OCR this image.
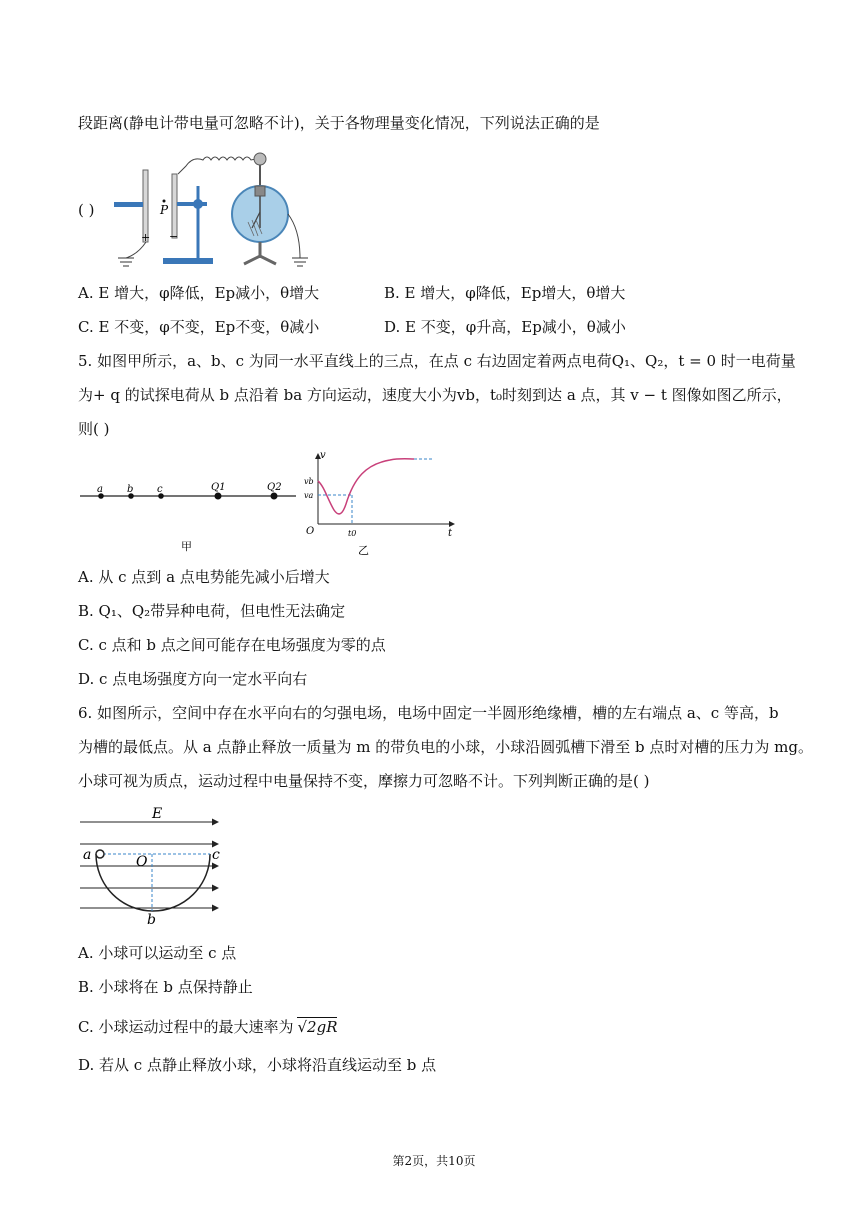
段距离(静电计带电量可忽略不计)，关于各物理量变化情况，下列说法正确的是
( )
+ −
P
A. E 增大，φ降低，Ep减小，θ增大	B. E 增大，φ降低，Ep增大，θ增大
C. E 不变，φ不变，Ep不变，θ减小	D. E 不变，φ升高，Ep减小，θ减小
5. 如图甲所示，a、b、c 为同一水平直线上的三点，在点 c 右边固定着两点电荷Q₁、Q₂，t = 0 时一电荷量
为+ q 的试探电荷从 b 点沿着 ba 方向运动，速度大小为vb，t₀时刻到达 a 点，其 v − t 图像如图乙所示，
则( )
a b c	Q1	Q2
甲
v
t
O
vb
va
t0
乙
A. 从 c 点到 a 点电势能先减小后增大
B. Q₁、Q₂带异种电荷，但电性无法确定
C. c 点和 b 点之间可能存在电场强度为零的点
D. c 点电场强度方向一定水平向右
6. 如图所示，空间中存在水平向右的匀强电场，电场中固定一半圆形绝缘槽，槽的左右端点 a、c 等高，b
为槽的最低点。从 a 点静止释放一质量为 m 的带负电的小球，小球沿圆弧槽下滑至 b 点时对槽的压力为 mg。
小球可视为质点，运动过程中电量保持不变，摩擦力可忽略不计。下列判断正确的是( )
E
a	O	c
b
A. 小球可以运动至 c 点
B. 小球将在 b 点保持静止
C. 小球运动过程中的最大速率为 √2gR
D. 若从 c 点静止释放小球，小球将沿直线运动至 b 点
第2页，共10页
